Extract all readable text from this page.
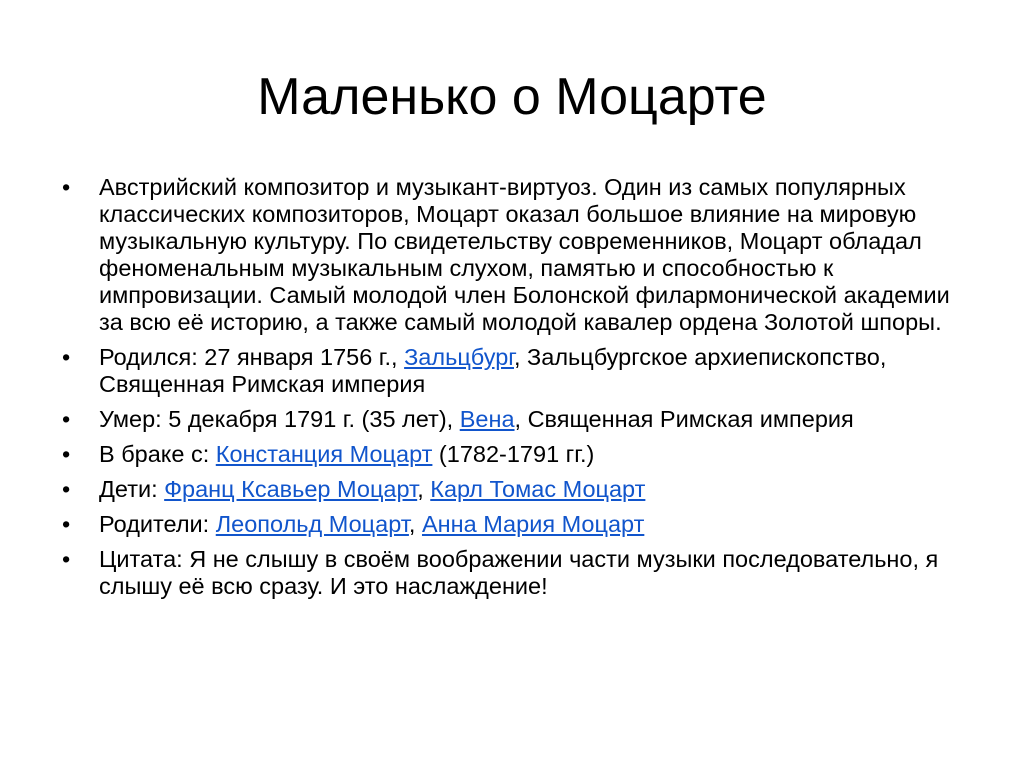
Маленько о Моцарте
•	Австрийский композитор и музыкант-виртуоз. Один из самых популярных классических композиторов, Моцарт оказал большое влияние на мировую музыкальную культуру. По свидетельству современников, Моцарт обладал феноменальным музыкальным слухом, памятью и способностью к импровизации. Самый молодой член Болонской филармонической академии за всю её историю, а также самый молодой кавалер ордена Золотой шпоры.
•	Родился: 27 января 1756 г., Зальцбург, Зальцбургское архиепископство, Священная Римская империя
•	Умер: 5 декабря 1791 г. (35 лет), Вена, Священная Римская империя
•	В браке с: Констанция Моцарт (1782-1791 гг.)
•	Дети: Франц Ксавьер Моцарт, Карл Томас Моцарт
•	Родители: Леопольд Моцарт, Анна Мария Моцарт
•	Цитата: Я не слышу в своём воображении части музыки последовательно, я слышу её всю сразу. И это наслаждение!
